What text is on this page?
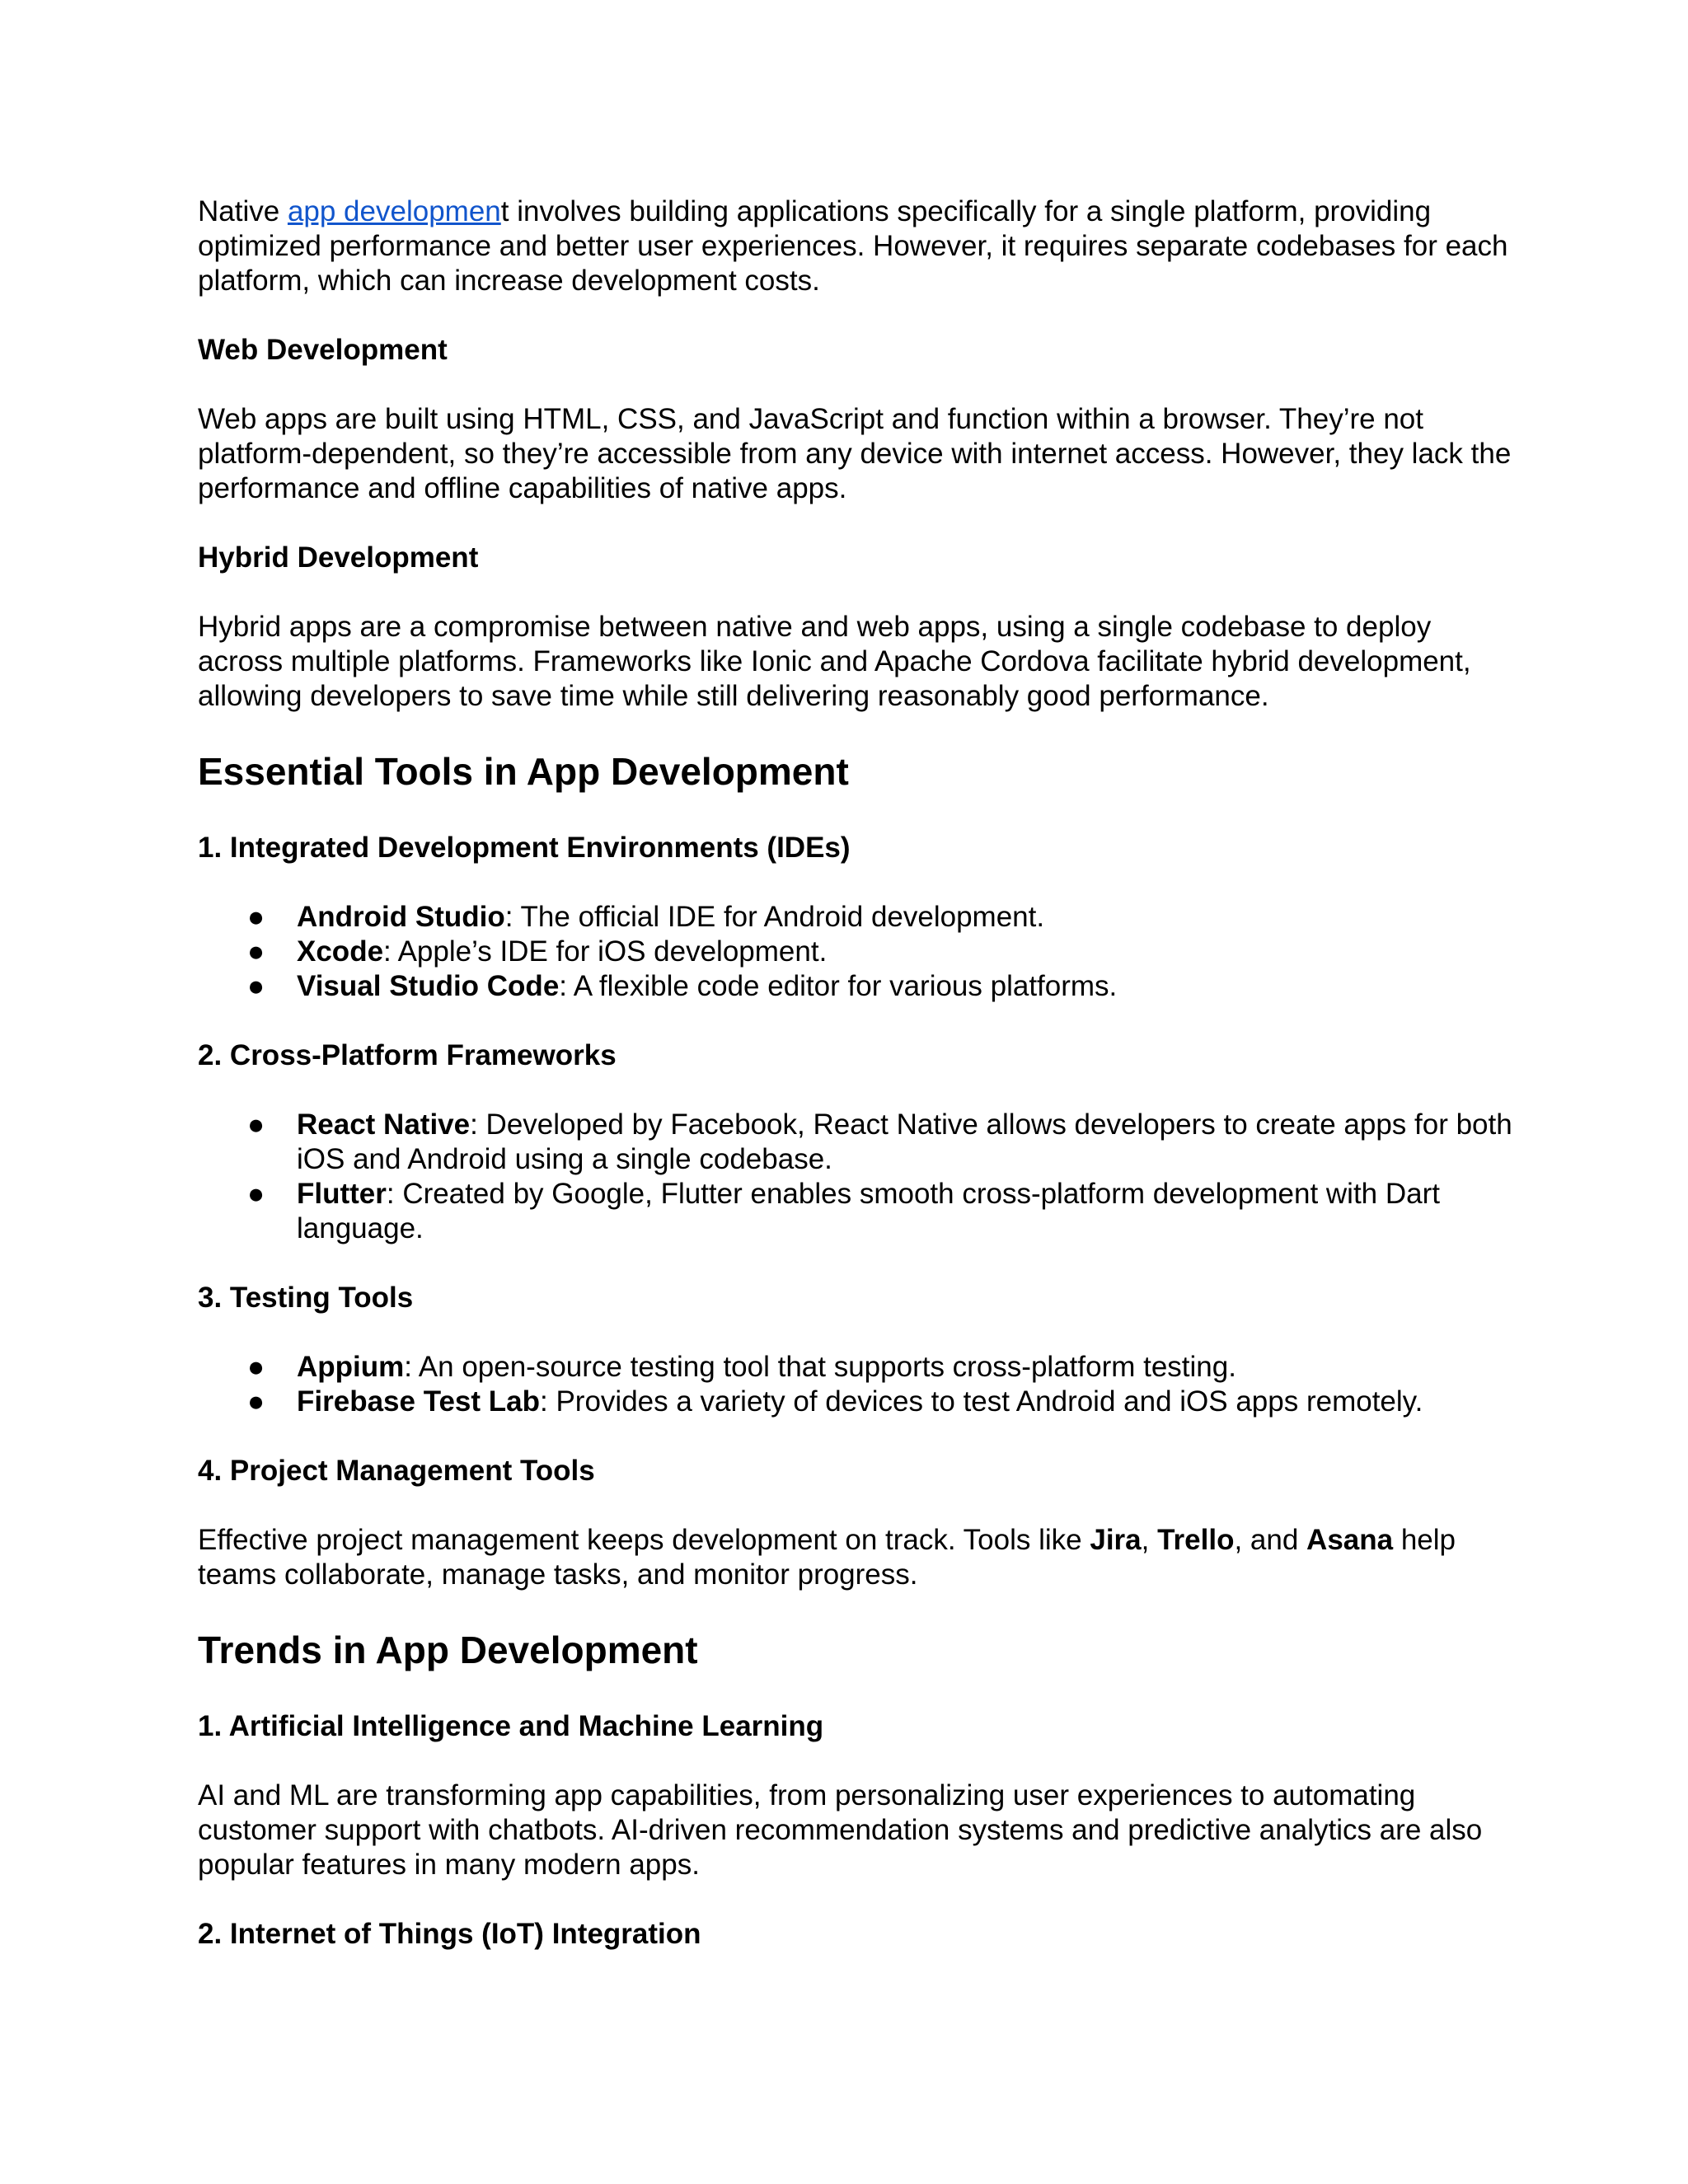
Native app development involves building applications specifically for a single platform, providing optimized performance and better user experiences. However, it requires separate codebases for each platform, which can increase development costs.

Web Development

Web apps are built using HTML, CSS, and JavaScript and function within a browser. They’re not platform-dependent, so they’re accessible from any device with internet access. However, they lack the performance and offline capabilities of native apps.

Hybrid Development

Hybrid apps are a compromise between native and web apps, using a single codebase to deploy across multiple platforms. Frameworks like Ionic and Apache Cordova facilitate hybrid development, allowing developers to save time while still delivering reasonably good performance.

Essential Tools in App Development

1. Integrated Development Environments (IDEs)

● Android Studio: The official IDE for Android development.
● Xcode: Apple’s IDE for iOS development.
● Visual Studio Code: A flexible code editor for various platforms.

2. Cross-Platform Frameworks

● React Native: Developed by Facebook, React Native allows developers to create apps for both iOS and Android using a single codebase.
● Flutter: Created by Google, Flutter enables smooth cross-platform development with Dart language.

3. Testing Tools

● Appium: An open-source testing tool that supports cross-platform testing.
● Firebase Test Lab: Provides a variety of devices to test Android and iOS apps remotely.

4. Project Management Tools

Effective project management keeps development on track. Tools like Jira, Trello, and Asana help teams collaborate, manage tasks, and monitor progress.

Trends in App Development

1. Artificial Intelligence and Machine Learning

AI and ML are transforming app capabilities, from personalizing user experiences to automating customer support with chatbots. AI-driven recommendation systems and predictive analytics are also popular features in many modern apps.

2. Internet of Things (IoT) Integration
